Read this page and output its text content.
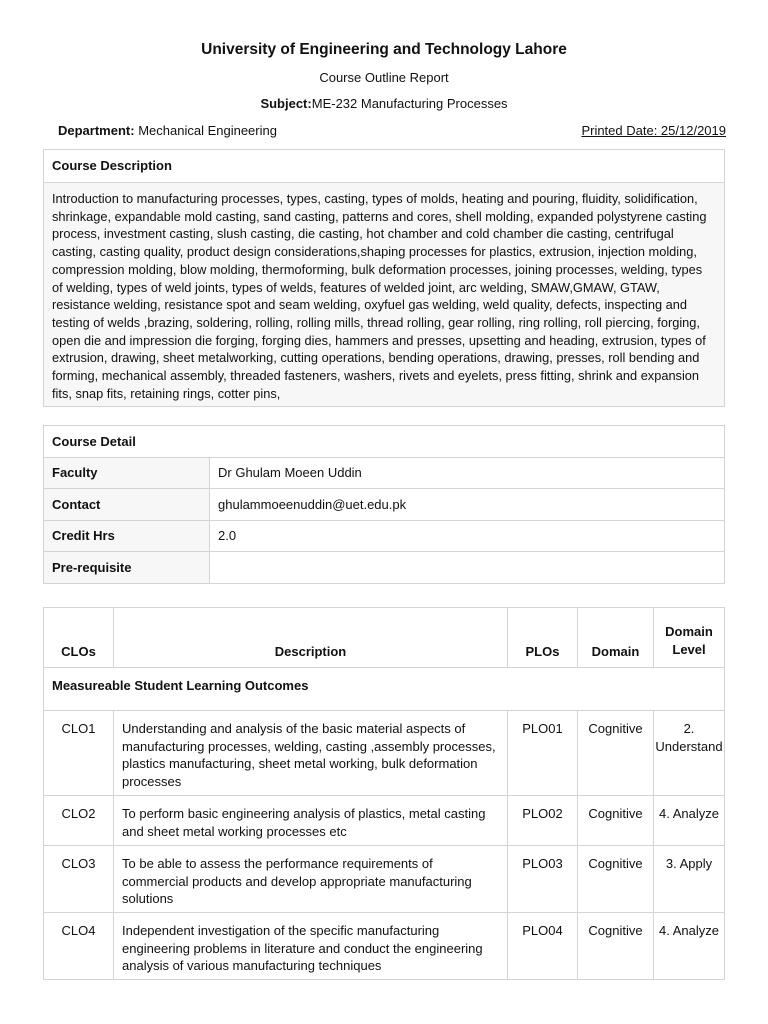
University of Engineering and Technology Lahore
Course Outline Report
Subject:ME-232 Manufacturing Processes
Department: Mechanical Engineering	Printed Date: 25/12/2019
Course Description
Introduction to manufacturing processes, types, casting, types of molds, heating and pouring, fluidity, solidification, shrinkage, expandable mold casting, sand casting, patterns and cores, shell molding, expanded polystyrene casting process, investment casting, slush casting, die casting, hot chamber and cold chamber die casting, centrifugal casting, casting quality, product design considerations,shaping processes for plastics, extrusion, injection molding, compression molding, blow molding, thermoforming, bulk deformation processes, joining processes, welding, types of welding, types of weld joints, types of welds, features of welded joint, arc welding, SMAW,GMAW, GTAW, resistance welding, resistance spot and seam welding, oxyfuel gas welding, weld quality, defects, inspecting and testing of welds ,brazing, soldering, rolling, rolling mills, thread rolling, gear rolling, ring rolling, roll piercing, forging, open die and impression die forging, forging dies, hammers and presses, upsetting and heading, extrusion, types of extrusion, drawing, sheet metalworking, cutting operations, bending operations, drawing, presses, roll bending and forming, mechanical assembly, threaded fasteners, washers, rivets and eyelets, press fitting, shrink and expansion fits, snap fits, retaining rings, cotter pins,
Course Detail	
Faculty	Dr Ghulam Moeen Uddin
Contact	ghulammoeenuddin@uet.edu.pk
Credit Hrs	2.0
Pre-requisite	
CLOs	Description	PLOs	Domain	Domain
Level
Measureable Student Learning Outcomes				
CLO1	Understanding and analysis of the basic material aspects of manufacturing processes, welding, casting ,assembly processes, plastics manufacturing, sheet metal working, bulk deformation processes	PLO01	Cognitive	2. Understand
CLO2	To perform basic engineering analysis of plastics, metal casting and sheet metal working processes etc	PLO02	Cognitive	4. Analyze
CLO3	To be able to assess the performance requirements of commercial products and develop appropriate manufacturing solutions	PLO03	Cognitive	3. Apply
CLO4	Independent investigation of the specific manufacturing engineering problems in literature and conduct the engineering analysis of various manufacturing techniques	PLO04	Cognitive	4. Analyze
